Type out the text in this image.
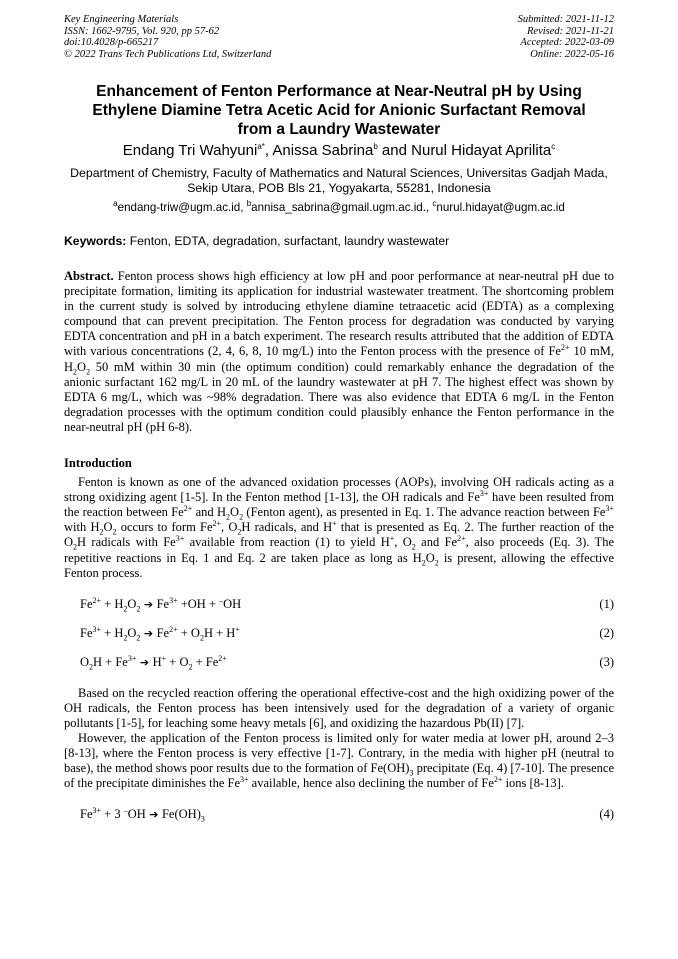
Key Engineering Materials
ISSN: 1662-9795, Vol. 920, pp 57-62
doi:10.4028/p-665217
© 2022 Trans Tech Publications Ltd, Switzerland
Submitted: 2021-11-12
Revised: 2021-11-21
Accepted: 2022-03-09
Online: 2022-05-16
Enhancement of Fenton Performance at Near-Neutral pH by Using
Ethylene Diamine Tetra Acetic Acid for Anionic Surfactant Removal
from a Laundry Wastewater
Endang Tri Wahyuni$^{a*}$, Anissa Sabrina$^b$ and Nurul Hidayat Aprilita$^c$
Department of Chemistry, Faculty of Mathematics and Natural Sciences, Universitas Gadjah Mada,
Sekip Utara, POB Bls 21, Yogyakarta, 55281, Indonesia
$^a$endang-triw@ugm.ac.id, $^b$annisa_sabrina@gmail.ugm.ac.id., $^c$nurul.hidayat@ugm.ac.id
Keywords: Fenton, EDTA, degradation, surfactant, laundry wastewater
Abstract. Fenton process shows high efficiency at low pH and poor performance at near-neutral pH due to precipitate formation, limiting its application for industrial wastewater treatment. The shortcoming problem in the current study is solved by introducing ethylene diamine tetraacetic acid (EDTA) as a complexing compound that can prevent precipitation. The Fenton process for degradation was conducted by varying EDTA concentration and pH in a batch experiment. The research results attributed that the addition of EDTA with various concentrations (2, 4, 6, 8, 10 mg/L) into the Fenton process with the presence of $Fe^{2+}$ 10 mM, $H_2O_2$ 50 mM within 30 min (the optimum condition) could remarkably enhance the degradation of the anionic surfactant 162 mg/L in 20 mL of the laundry wastewater at pH 7. The highest effect was shown by EDTA 6 mg/L, which was ~98% degradation. There was also evidence that EDTA 6 mg/L in the Fenton degradation processes with the optimum condition could plausibly enhance the Fenton performance in the near-neutral pH (pH 6-8).
Introduction

Fenton is known as one of the advanced oxidation processes (AOPs), involving OH radicals acting as a strong oxidizing agent [1-5]. In the Fenton method [1-13], the OH radicals and $Fe^{3+}$ have been resulted from the reaction between $Fe^{2+}$ and $H_2O_2$ (Fenton agent), as presented in Eq. 1. The advance reaction between $Fe^{3+}$ with $H_2O_2$ occurs to form $Fe^{2+}$, $O_2H$ radicals, and H+ that is presented as Eq. 2. The further reaction of the $O_2H$ radicals with $Fe^{3+}$ available from reaction (1) to yield H+, $O_2$ and $Fe^{2+}$, also proceeds (Eq. 3). The repetitive reactions in Eq. 1 and Eq. 2 are taken place as long as $H_2O_2$ is present, allowing the effective Fenton process.

$Fe^{2+} + H_2O_2$ ➔ $Fe^{3+} +OH + ^-OH$	(1)
$Fe^{3+} + H_2O_2$ ➔ $Fe^{2+} + O_2H + H^+$	(2)
$O_2H + Fe^{3+}$ ➔ $H^+ + O_2 + Fe^{2+}$	(3)

Based on the recycled reaction offering the operational effective-cost and the high oxidizing power of the OH radicals, the Fenton process has been intensively used for the degradation of a variety of organic pollutants [1-5], for leaching some heavy metals [6], and oxidizing the hazardous Pb(II) [7].

However, the application of the Fenton process is limited only for water media at lower pH, around 2–3 [8-13], where the Fenton process is very effective [1-7]. Contrary, in the media with higher pH (neutral to base), the method shows poor results due to the formation of $Fe(OH)_3$ precipitate (Eq. 4) [7-10]. The presence of the precipitate diminishes the $Fe^{3+}$ available, hence also declining the number of $Fe^{2+}$ ions [8-13].

$Fe^{3+} + 3$ –OH ➔ $Fe(OH)_3$	(4)
